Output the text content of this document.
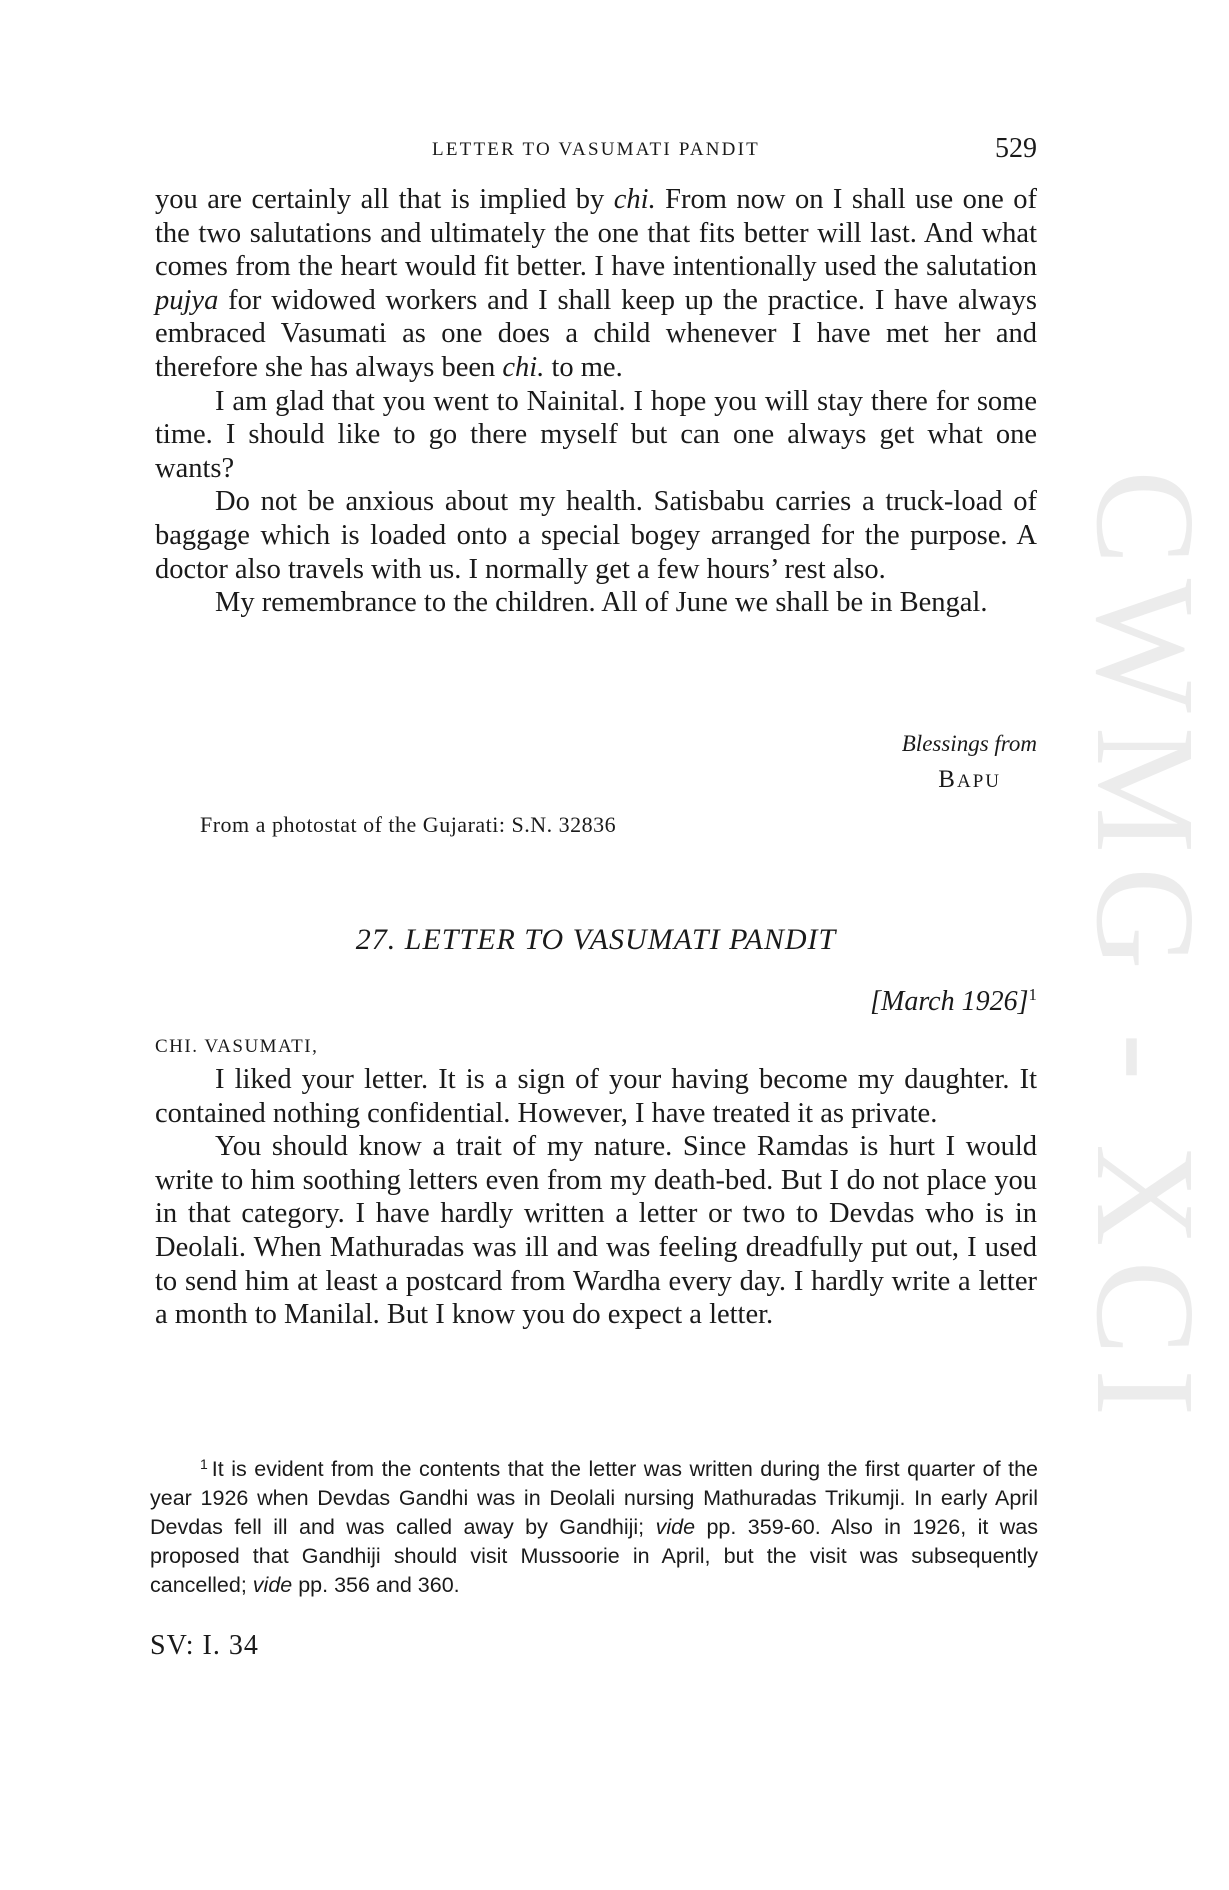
CWMG - XCI
LETTER TO VASUMATI PANDIT	529

you are certainly all that is implied by chi. From now on I shall use one of the two salutations and ultimately the one that fits better will last. And what comes from the heart would fit better. I have intentionally used the salutation pujya for widowed workers and I shall keep up the practice. I have always embraced Vasumati as one does a child whenever I have met her and therefore she has always been chi. to me.

I am glad that you went to Nainital. I hope you will stay there for some time. I should like to go there myself but can one always get what one wants?

Do not be anxious about my health. Satisbabu carries a truck-load of baggage which is loaded onto a special bogey arranged for the purpose. A doctor also travels with us. I normally get a few hours’ rest also.

My remembrance to the children. All of June we shall be in Bengal.

Blessings from
BAPU
From a photostat of the Gujarati: S.N. 32836
27. LETTER TO VASUMATI PANDIT
[March 1926]$^1$
CHI. VASUMATI,

I liked your letter. It is a sign of your having become my daughter. It contained nothing confidential. However, I have treated it as private.

You should know a trait of my nature. Since Ramdas is hurt I would write to him soothing letters even from my death-bed. But I do not place you in that category. I have hardly written a letter or two to Devdas who is in Deolali. When Mathuradas was ill and was feeling dreadfully put out, I used to send him at least a postcard from Wardha every day. I hardly write a letter a month to Manilal. But I know you do expect a letter.

$^1$ It is evident from the contents that the letter was written during the first quarter of the year 1926 when Devdas Gandhi was in Deolali nursing Mathuradas Trikumji. In early April Devdas fell ill and was called away by Gandhiji; vide pp. 359-60. Also in 1926, it was proposed that Gandhiji should visit Mussoorie in April, but the visit was subsequently cancelled; vide pp. 356 and 360.

SV: I. 34
